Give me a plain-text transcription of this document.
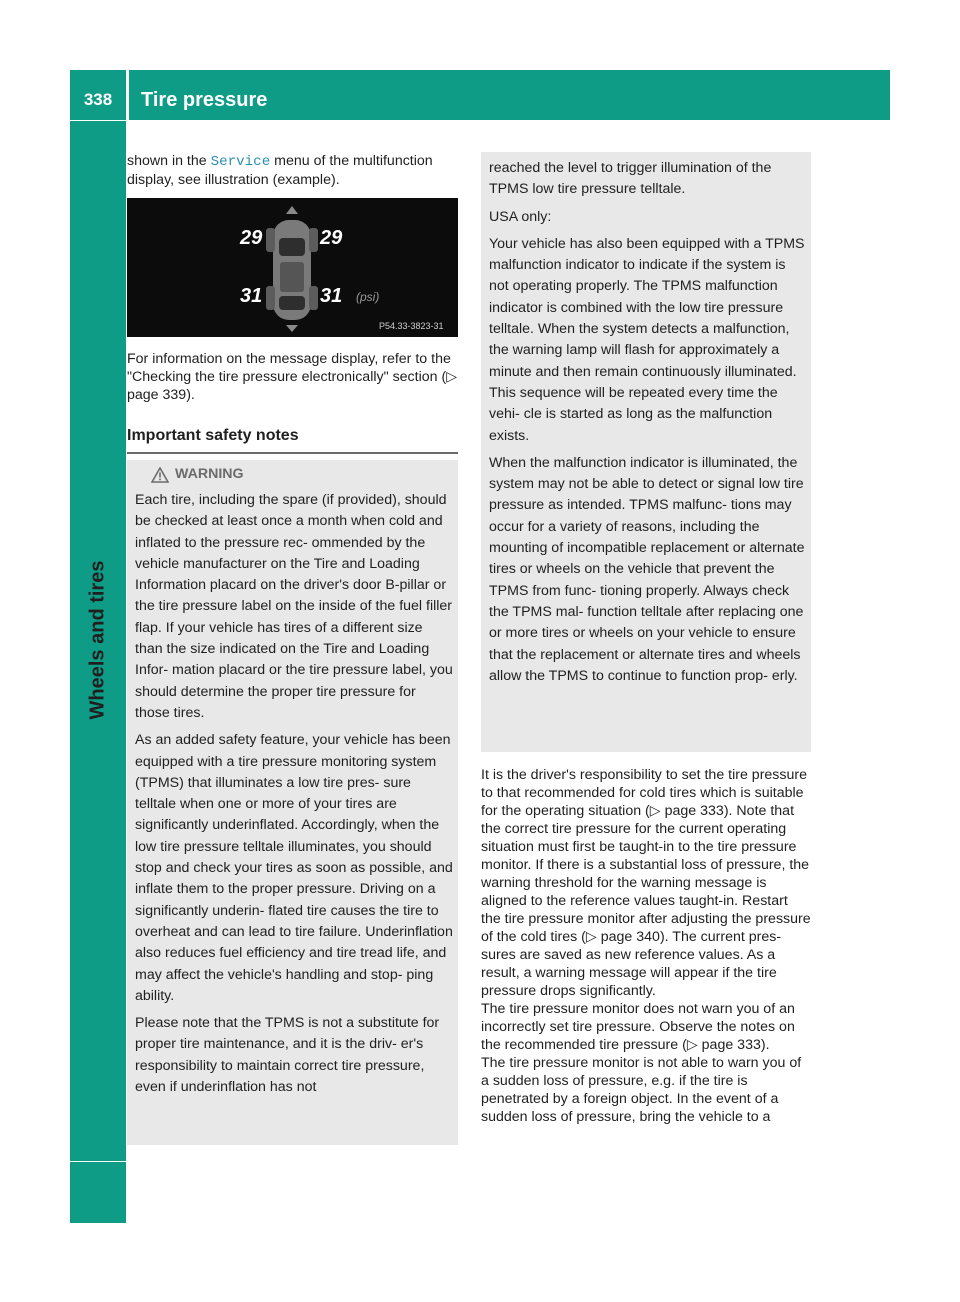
338	Tire pressure
Wheels and tires

shown in the Service menu of the multifunction display, see illustration (example).

29	29
31	31 (psi)
P54.33-3823-31

For information on the message display, refer to the "Checking the tire pressure electronically" section (▷ page 339).

Important safety notes
WARNING

Each tire, including the spare (if provided), should be checked at least once a month when cold and inflated to the pressure rec- ommended by the vehicle manufacturer on the Tire and Loading Information placard on the driver's door B-pillar or the tire pressure label on the inside of the fuel filler flap. If your vehicle has tires of a different size than the size indicated on the Tire and Loading Infor- mation placard or the tire pressure label, you should determine the proper tire pressure for those tires.

As an added safety feature, your vehicle has been equipped with a tire pressure monitoring system (TPMS) that illuminates a low tire pres- sure telltale when one or more of your tires are significantly underinflated. Accordingly, when the low tire pressure telltale illuminates, you should stop and check your tires as soon as possible, and inflate them to the proper pressure. Driving on a significantly underin- flated tire causes the tire to overheat and can lead to tire failure. Underinflation also reduces fuel efficiency and tire tread life, and may affect the vehicle's handling and stop- ping ability.

Please note that the TPMS is not a substitute for proper tire maintenance, and it is the driv- er's responsibility to maintain correct tire pressure, even if underinflation has not

reached the level to trigger illumination of the TPMS low tire pressure telltale.

USA only:

Your vehicle has also been equipped with a TPMS malfunction indicator to indicate if the system is not operating properly. The TPMS malfunction indicator is combined with the low tire pressure telltale. When the system detects a malfunction, the warning lamp will flash for approximately a minute and then remain continuously illuminated. This sequence will be repeated every time the vehi- cle is started as long as the malfunction exists.

When the malfunction indicator is illuminated, the system may not be able to detect or signal low tire pressure as intended. TPMS malfunc- tions may occur for a variety of reasons, including the mounting of incompatible replacement or alternate tires or wheels on the vehicle that prevent the TPMS from func- tioning properly. Always check the TPMS mal- function telltale after replacing one or more tires or wheels on your vehicle to ensure that the replacement or alternate tires and wheels allow the TPMS to continue to function prop- erly.

It is the driver's responsibility to set the tire pressure to that recommended for cold tires which is suitable for the operating situation (▷ page 333). Note that the correct tire pressure for the current operating situation must first be taught-in to the tire pressure monitor. If there is a substantial loss of pressure, the warning threshold for the warning message is aligned to the reference values taught-in. Restart the tire pressure monitor after adjusting the pressure of the cold tires (▷ page 340). The current pres- sures are saved as new reference values. As a result, a warning message will appear if the tire pressure drops significantly.

The tire pressure monitor does not warn you of an incorrectly set tire pressure. Observe the notes on the recommended tire pressure (▷ page 333).

The tire pressure monitor is not able to warn you of a sudden loss of pressure, e.g. if the tire is penetrated by a foreign object. In the event of a sudden loss of pressure, bring the vehicle to a
